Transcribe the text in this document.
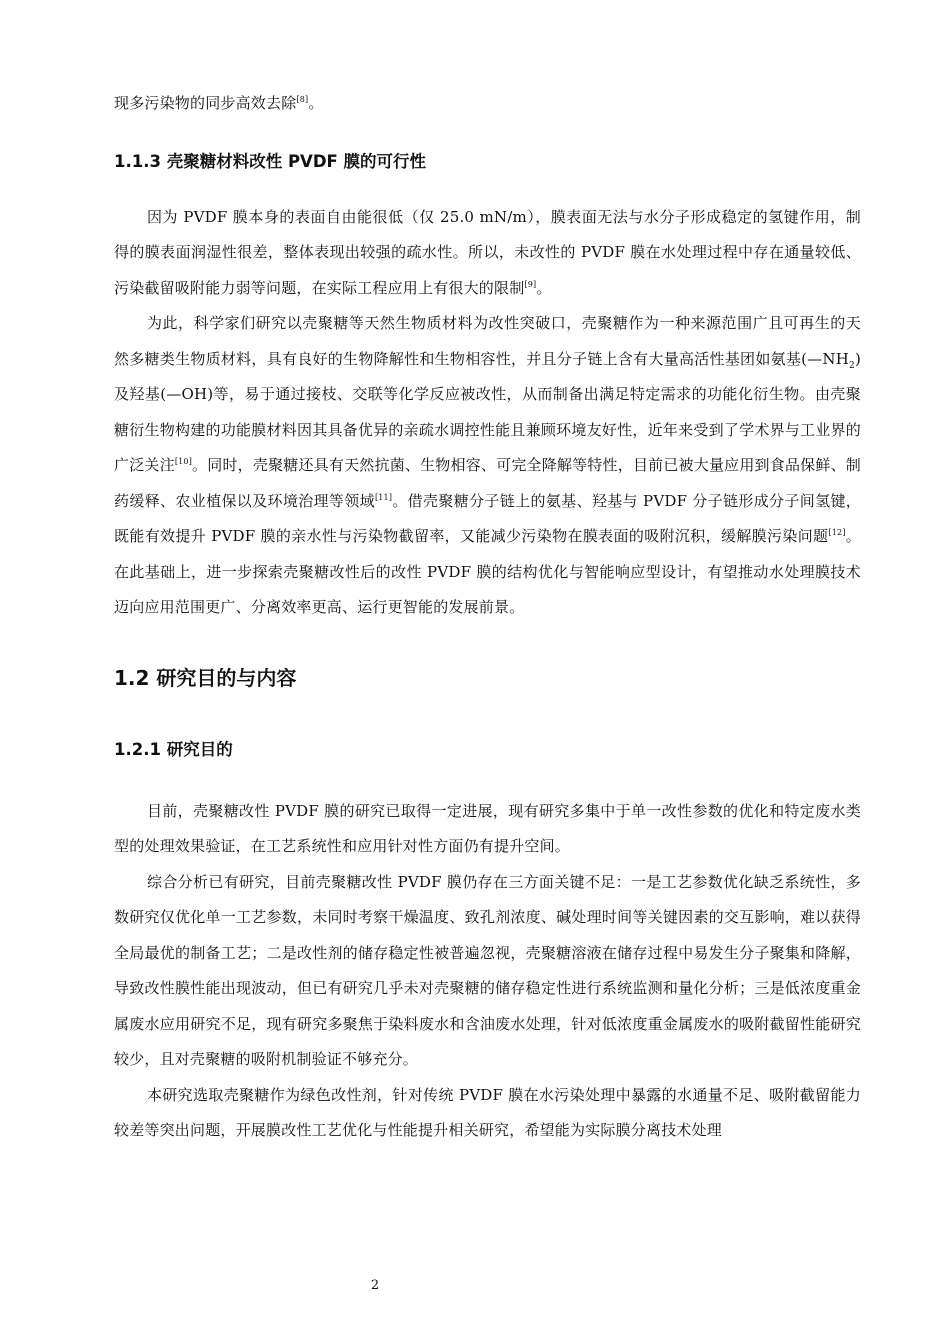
现多污染物的同步高效去除[8]。

1.1.3 壳聚糖材料改性 PVDF 膜的可行性

因为 PVDF 膜本身的表面自由能很低（仅 25.0 mN/m），膜表面无法与水分子形成稳定的氢键作用，制得的膜表面润湿性很差，整体表现出较强的疏水性。所以，未改性的 PVDF 膜在水处理过程中存在通量较低、污染截留吸附能力弱等问题，在实际工程应用上有很大的限制[9]。

为此，科学家们研究以壳聚糖等天然生物质材料为改性突破口，壳聚糖作为一种来源范围广且可再生的天然多糖类生物质材料，具有良好的生物降解性和生物相容性，并且分子链上含有大量高活性基团如氨基$(—NH_2)$及羟基(—OH)等，易于通过接枝、交联等化学反应被改性，从而制备出满足特定需求的功能化衍生物。由壳聚糖衍生物构建的功能膜材料因其具备优异的亲疏水调控性能且兼顾环境友好性，近年来受到了学术界与工业界的广泛关注[10]。同时，壳聚糖还具有天然抗菌、生物相容、可完全降解等特性，目前已被大量应用到食品保鲜、制药缓释、农业植保以及环境治理等领域[11]。借壳聚糖分子链上的氨基、羟基与 PVDF 分子链形成分子间氢键，既能有效提升 PVDF 膜的亲水性与污染物截留率，又能减少污染物在膜表面的吸附沉积，缓解膜污染问题[12]。在此基础上，进一步探索壳聚糖改性后的改性 PVDF 膜的结构优化与智能响应型设计，有望推动水处理膜技术迈向应用范围更广、分离效率更高、运行更智能的发展前景。

1.2 研究目的与内容
1.2.1 研究目的

目前，壳聚糖改性 PVDF 膜的研究已取得一定进展，现有研究多集中于单一改性参数的优化和特定废水类型的处理效果验证，在工艺系统性和应用针对性方面仍有提升空间。

综合分析已有研究，目前壳聚糖改性 PVDF 膜仍存在三方面关键不足：一是工艺参数优化缺乏系统性，多数研究仅优化单一工艺参数，未同时考察干燥温度、致孔剂浓度、碱处理时间等关键因素的交互影响，难以获得全局最优的制备工艺；二是改性剂的储存稳定性被普遍忽视，壳聚糖溶液在储存过程中易发生分子聚集和降解，导致改性膜性能出现波动，但已有研究几乎未对壳聚糖的储存稳定性进行系统监测和量化分析；三是低浓度重金属废水应用研究不足，现有研究多聚焦于染料废水和含油废水处理，针对低浓度重金属废水的吸附截留性能研究较少，且对壳聚糖的吸附机制验证不够充分。

本研究选取壳聚糖作为绿色改性剂，针对传统 PVDF 膜在水污染处理中暴露的水通量不足、吸附截留能力较差等突出问题，开展膜改性工艺优化与性能提升相关研究，希望能为实际膜分离技术处理

2
